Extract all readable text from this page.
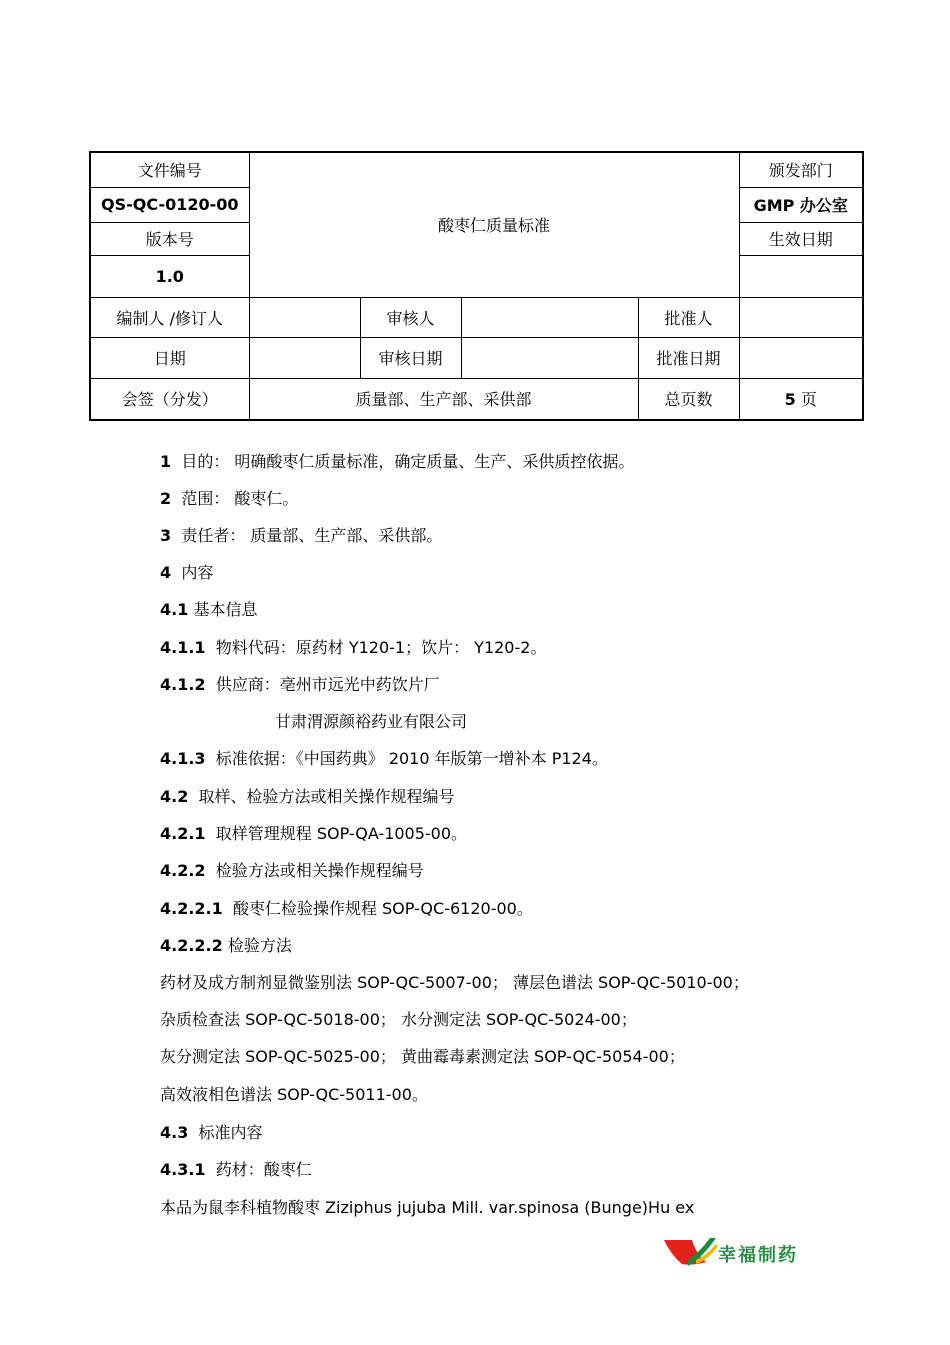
文件编号	酸枣仁质量标准				颁发部门
QS-QC-0120-00					GMP 办公室
版本号					生效日期
1.0					
编制人 /修订人		审核人		批准人	
日期		审核日期		批准日期	
会签（分发）	质量部、生产部、采供部			总页数	5 页
1 目的： 明确酸枣仁质量标准，确定质量、生产、采供质控依据。
2 范围： 酸枣仁。
3 责任者： 质量部、生产部、采供部。
4 内容
4.1 基本信息
4.1.1 物料代码：原药材 Y120-1；饮片： Y120-2。
4.1.2 供应商：亳州市远光中药饮片厂
甘肃渭源颜裕药业有限公司
4.1.3 标准依据：《中国药典》 2010 年版第一增补本 P124。
4.2 取样、检验方法或相关操作规程编号
4.2.1 取样管理规程 SOP-QA-1005-00。
4.2.2 检验方法或相关操作规程编号
4.2.2.1 酸枣仁检验操作规程 SOP-QC-6120-00。
4.2.2.2 检验方法
药材及成方制剂显微鉴别法 SOP-QC-5007-00； 薄层色谱法 SOP-QC-5010-00；
杂质检查法 SOP-QC-5018-00； 水分测定法 SOP-QC-5024-00；
灰分测定法 SOP-QC-5025-00； 黄曲霉毒素测定法 SOP-QC-5054-00；
高效液相色谱法 SOP-QC-5011-00。
4.3 标准内容
4.3.1 药材：酸枣仁
本品为鼠李科植物酸枣 Ziziphus jujuba Mill. var.spinosa (Bunge)Hu ex
幸福制药
